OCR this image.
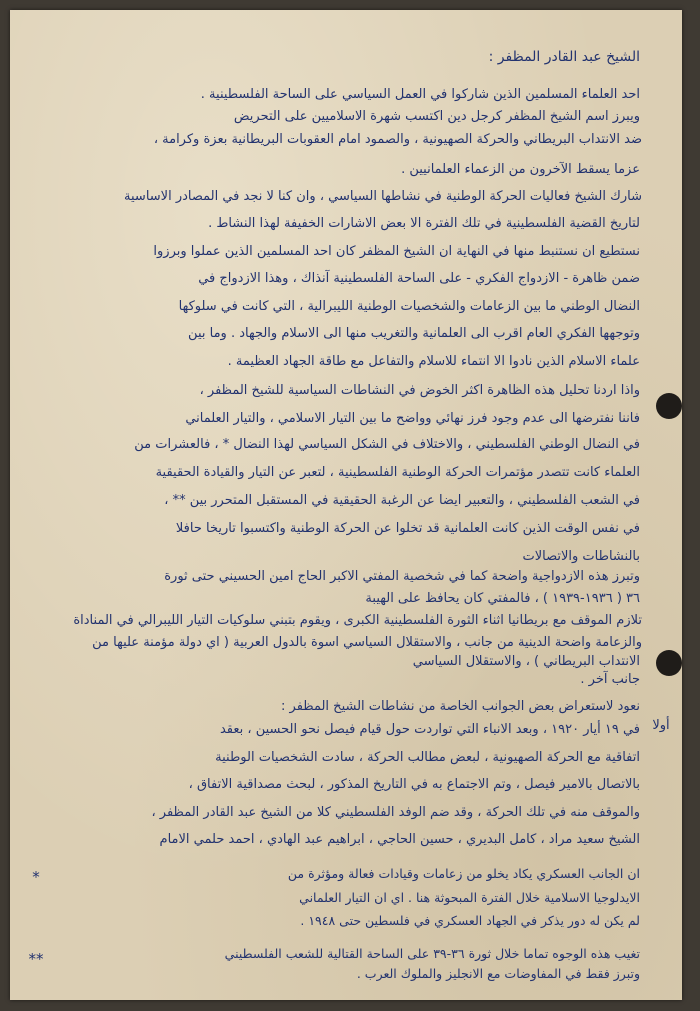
الشيخ عبد القادر المظفر :
احد العلماء المسلمين الذين شاركوا في العمل السياسي على الساحة الفلسطينية .
ويبرز اسم الشيخ المظفر كرجل دين اكتسب شهرة الاسلاميين على التحريض
ضد الانتداب البريطاني والحركة الصهيونية ، والصمود امام العقوبات البريطانية بعزة وكرامة ،
عزما يسقط الآخرون من الزعماء العلمانيين .
شارك الشيخ فعاليات الحركة الوطنية في نشاطها السياسي ، وان كنا لا نجد في المصادر الاساسية
لتاريخ القضية الفلسطينية في تلك الفترة الا بعض الاشارات الخفيفة لهذا النشاط .
نستطيع ان نستنبط منها في النهاية ان الشيخ المظفر كان احد المسلمين الذين عملوا وبرزوا
ضمن ظاهرة - الازدواج الفكري - على الساحة الفلسطينية آنذاك ، وهذا الازدواج في
النضال الوطني ما بين الزعامات والشخصيات الوطنية الليبرالية ، التي كانت في سلوكها
وتوجهها الفكري العام اقرب الى العلمانية والتغريب منها الى الاسلام والجهاد . وما بين
علماء الاسلام الذين نادوا الا انتماء للاسلام والتفاعل مع طاقة الجهاد العظيمة .
واذا اردنا تحليل هذه الظاهرة اكثر الخوض في النشاطات السياسية للشيخ المظفر ،
فاننا نفترضها الى عدم وجود فرز نهائي وواضح ما بين التيار الاسلامي ، والتيار العلماني
في النضال الوطني الفلسطيني ، والاختلاف في الشكل السياسي لهذا النضال * ، فالعشرات من
العلماء كانت تتصدر مؤتمرات الحركة الوطنية الفلسطينية ، لتعبر عن التيار والقيادة الحقيقية
في الشعب الفلسطيني ، والتعبير ايضا عن الرغبة الحقيقية في المستقبل المتحرر بين ** ،
في نفس الوقت الذين كانت العلمانية قد تخلوا عن الحركة الوطنية واكتسبوا تاريخا حافلا
بالنشاطات والاتصالات
وتبرز هذه الازدواجية واضحة كما في شخصية المفتي الاكبر الحاج امين الحسيني حتى ثورة
٣٦ ( ١٩٣٦-١٩٣٩ ) ، فالمفتي كان يحافظ على الهيبة
تلازم الموقف مع بريطانيا اثناء الثورة الفلسطينية الكبرى ، ويقوم بتبني سلوكيات التيار الليبرالي في المناداة
والزعامة واضحة الدينية من جانب ، والاستقلال السياسي اسوة بالدول العربية ( اي دولة مؤمنة عليها من
الانتداب البريطاني ) ، والاستقلال السياسي
جانب آخر .
نعود لاستعراض بعض الجوانب الخاصة من نشاطات الشيخ المظفر :
أولا
في ١٩ أيار ١٩٢٠ ، وبعد الانباء التي تواردت حول قيام فيصل نحو الحسين ، بعقد
اتفاقية مع الحركة الصهيونية ، لبعض مطالب الحركة ، سادت الشخصيات الوطنية
بالاتصال بالامير فيصل ، وتم الاجتماع به في التاريخ المذكور ، لبحث مصداقية الاتفاق ،
والموقف منه في تلك الحركة ، وقد ضم الوفد الفلسطيني كلا من الشيخ عبد القادر المظفر ،
الشيخ سعيد مراد ، كامل البديري ، حسين الحاجي ، ابراهيم عبد الهادي ، احمد حلمي الامام
*	ان الجانب العسكري يكاد يخلو من زعامات وقيادات فعالة ومؤثرة من
الايدلوجيا الاسلامية خلال الفترة المبحوثة هنا . اي ان التيار العلماني
لم يكن له دور يذكر في الجهاد العسكري في فلسطين حتى ١٩٤٨ .
**	تغيب هذه الوجوه تماما خلال ثورة ٣٦-٣٩ على الساحة القتالية للشعب الفلسطيني
وتبرز فقط في المفاوضات مع الانجليز والملوك العرب .
